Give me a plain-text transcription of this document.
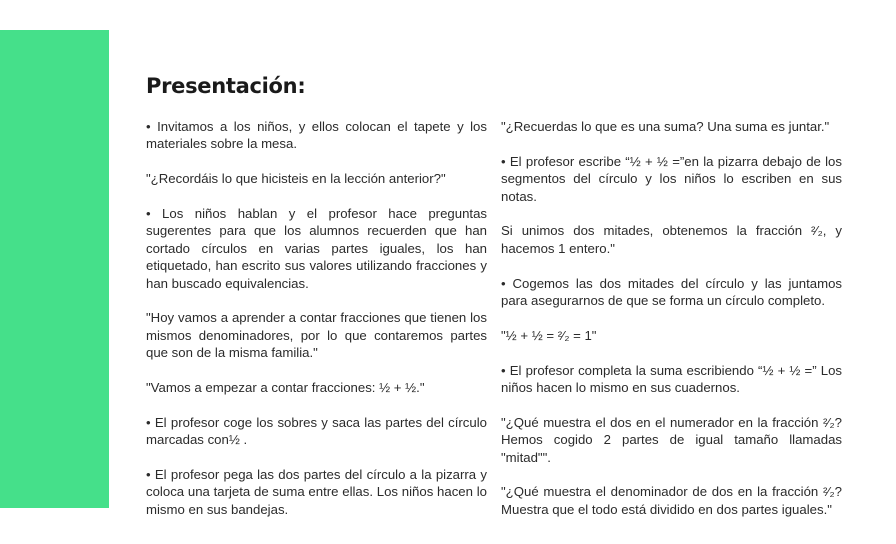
Presentación:

• Invitamos a los niños, y ellos colocan el tapete y los materiales sobre la mesa.

"¿Recordáis lo que hicisteis en la lección anterior?"

• Los niños hablan y el profesor hace preguntas sugerentes para que los alumnos recuerden que han cortado círculos en varias partes iguales, los han etiquetado, han escrito sus valores utilizando fracciones y han buscado equivalencias.

"Hoy vamos a aprender a contar fracciones que tienen los mismos denominadores, por lo que contaremos partes que son de la misma familia."

"Vamos a empezar a contar fracciones: ½ + ½."

• El profesor coge los sobres y saca las partes del círculo marcadas con½ .

• El profesor pega las dos partes del círculo a la pizarra y coloca una tarjeta de suma entre ellas. Los niños hacen lo mismo en sus bandejas.

"¿Recuerdas lo que es una suma? Una suma es juntar."

• El profesor escribe “½ + ½ =”en la pizarra debajo de los segmentos del círculo y los niños lo escriben en sus notas.

Si unimos dos mitades, obtenemos la fracción ²⁄₂, y hacemos 1 entero."

• Cogemos las dos mitades del círculo y las juntamos para asegurarnos de que se forma un círculo completo.

"½ + ½ = ²⁄₂ = 1"

• El profesor completa la suma escribiendo “½ + ½ =” Los niños hacen lo mismo en sus cuadernos.

"¿Qué muestra el dos en el numerador en la fracción ²⁄₂? Hemos cogido 2 partes de igual tamaño llamadas "mitad"".

"¿Qué muestra el denominador de dos en la fracción ²⁄₂? Muestra que el todo está dividido en dos partes iguales."
